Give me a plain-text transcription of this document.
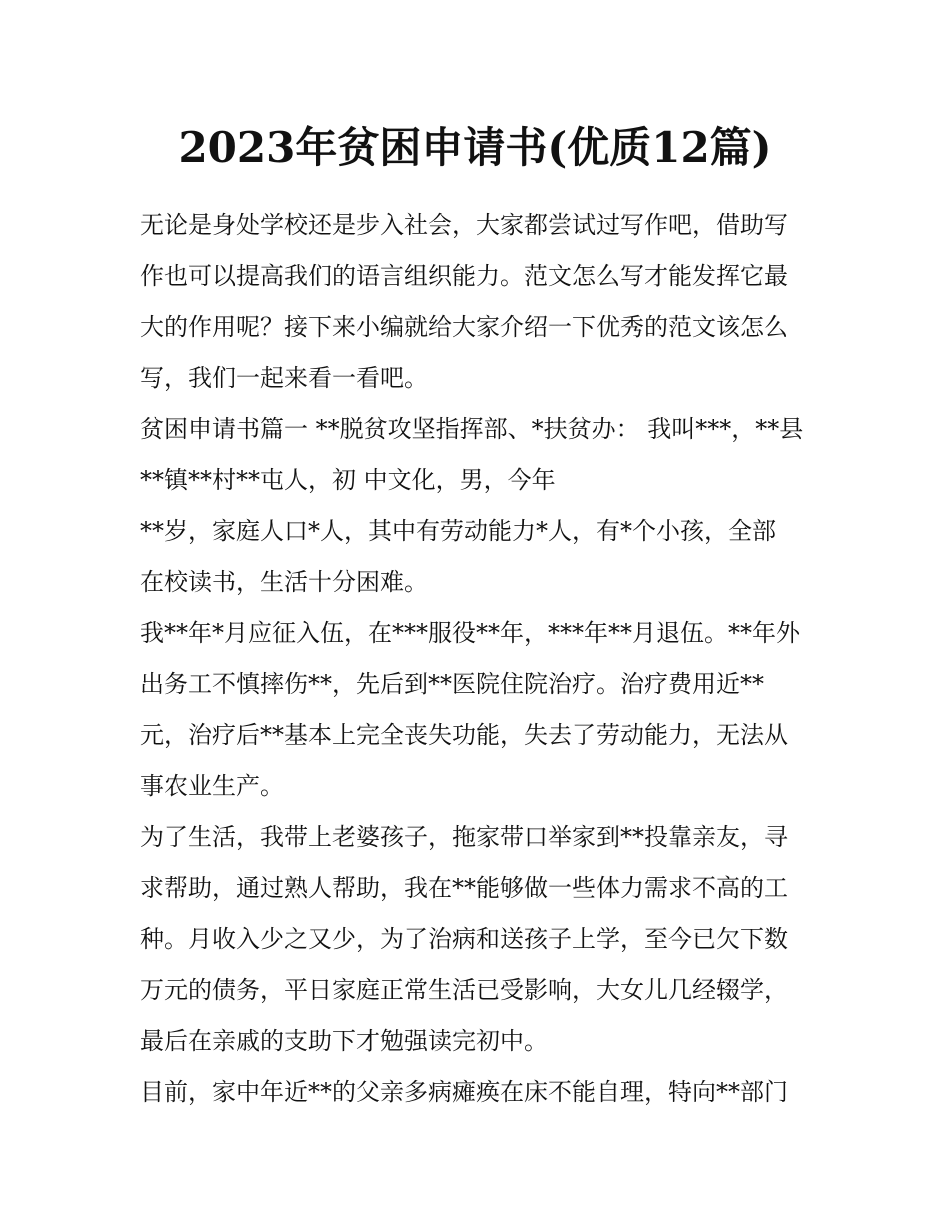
2023年贫困申请书(优质12篇)
无论是身处学校还是步入社会，大家都尝试过写作吧，借助写
作也可以提高我们的语言组织能力。范文怎么写才能发挥它最
大的作用呢？接下来小编就给大家介绍一下优秀的范文该怎么
写，我们一起来看一看吧。
贫困申请书篇一 **脱贫攻坚指挥部、*扶贫办： 我叫***，**县
**镇**村**屯人，初 中文化，男，今年
**岁，家庭人口*人，其中有劳动能力*人，有*个小孩，全部
在校读书，生活十分困难。
我**年*月应征入伍，在***服役**年，***年**月退伍。**年外
出务工不慎摔伤**，先后到**医院住院治疗。治疗费用近**
元，治疗后**基本上完全丧失功能，失去了劳动能力，无法从
事农业生产。
为了生活，我带上老婆孩子，拖家带口举家到**投靠亲友，寻
求帮助，通过熟人帮助，我在**能够做一些体力需求不高的工
种。月收入少之又少，为了治病和送孩子上学，至今已欠下数
万元的债务，平日家庭正常生活已受影响，大女儿几经辍学，
最后在亲戚的支助下才勉强读完初中。
目前，家中年近**的父亲多病瘫痪在床不能自理，特向**部门
